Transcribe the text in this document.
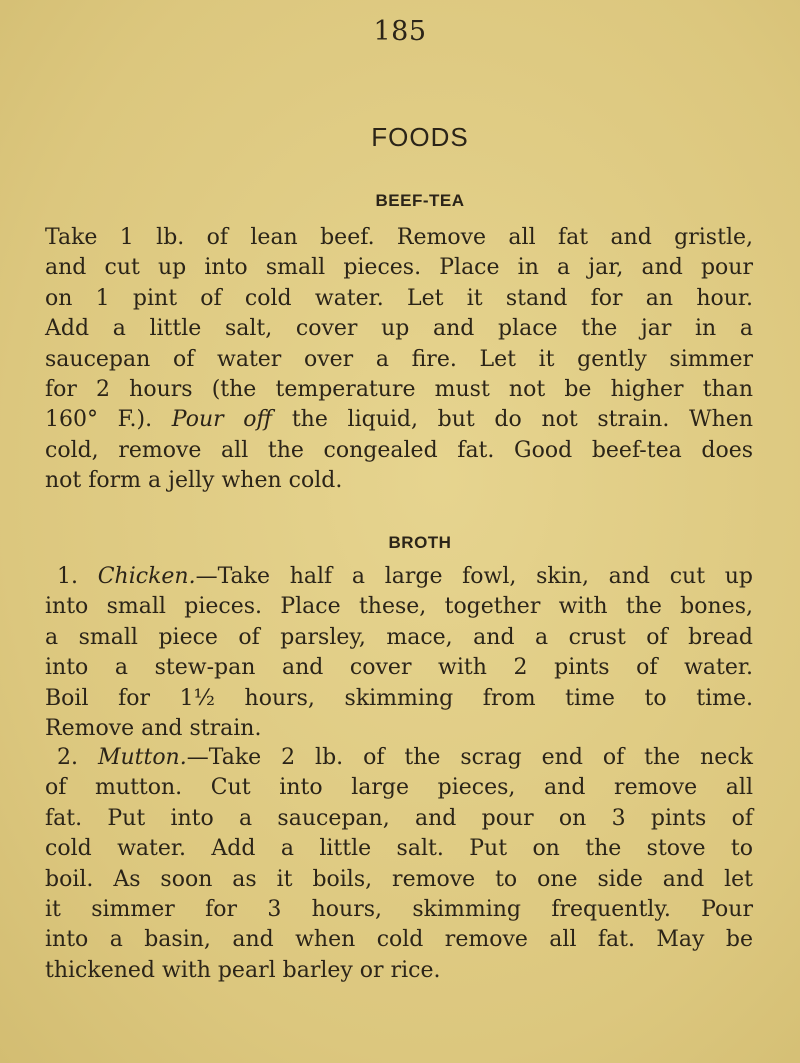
185
FOODS
BEEF-TEA
Take 1 lb. of lean beef. Remove all fat and gristle,
and cut up into small pieces. Place in a jar, and pour
on 1 pint of cold water. Let it stand for an hour.
Add a little salt, cover up and place the jar in a
saucepan of water over a fire. Let it gently simmer
for 2 hours (the temperature must not be higher than
160° F.). Pour off the liquid, but do not strain. When
cold, remove all the congealed fat. Good beef-tea does
not form a jelly when cold.
BROTH
1. Chicken.—Take half a large fowl, skin, and cut up
into small pieces. Place these, together with the bones,
a small piece of parsley, mace, and a crust of bread
into a stew-pan and cover with 2 pints of water.
Boil for 1½ hours, skimming from time to time.
Remove and strain.
2. Mutton.—Take 2 lb. of the scrag end of the neck
of mutton. Cut into large pieces, and remove all
fat. Put into a saucepan, and pour on 3 pints of
cold water. Add a little salt. Put on the stove to
boil. As soon as it boils, remove to one side and let
it simmer for 3 hours, skimming frequently. Pour
into a basin, and when cold remove all fat. May be
thickened with pearl barley or rice.
